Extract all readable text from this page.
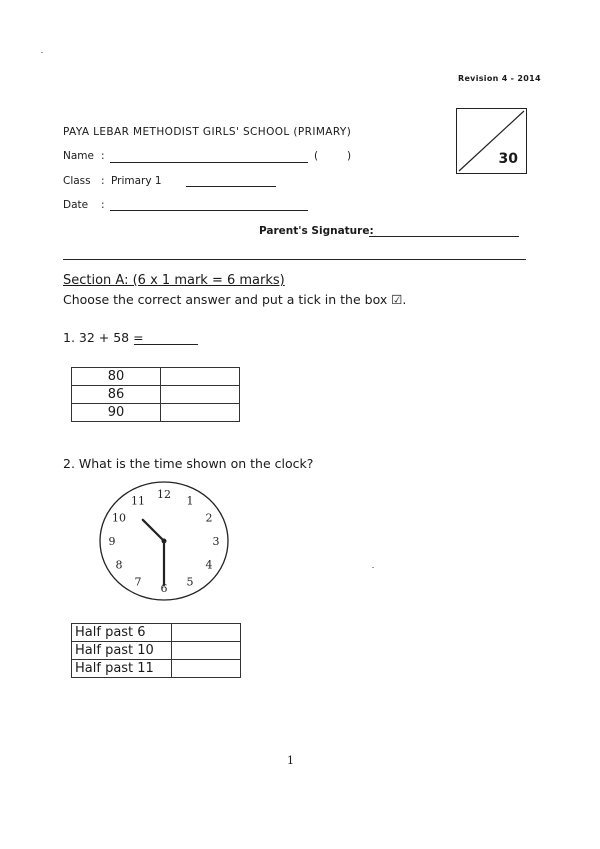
Revision 4 - 2014
PAYA LEBAR METHODIST GIRLS' SCHOOL (PRIMARY)
30
Name :	(	)
Class : Primary 1
Date :
Parent's Signature:
Section A: (6 x 1 mark = 6 marks)
Choose the correct answer and put a tick in the box ☑.
1. 32 + 58 =
80	
86	
90	
2. What is the time shown on the clock?
12 1
2
3
4
5
6
7
8
9
10
11
Half past 6	
Half past 10	
Half past 11	
1
